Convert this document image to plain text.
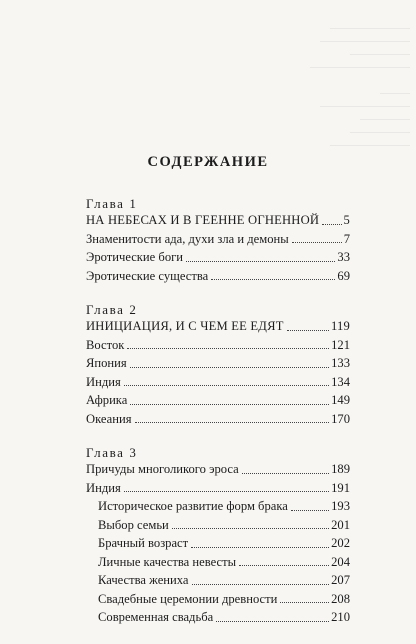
————————
—————————
——————
——————————

———
—————————
—————
——————
————————
СОДЕРЖАНИЕ
Глава 1
НА НЕБЕСАХ И В ГЕЕННЕ ОГНЕННОЙ 5
Знаменитости ада, духи зла и демоны	7
Эротические боги	33
Эротические существа	69
Глава 2
ИНИЦИАЦИЯ, И С ЧЕМ ЕЕ ЕДЯТ	119
Восток	121
Япония	133
Индия	134
Африка	149
Океания	170
Глава 3
Причуды многоликого эроса	189
Индия	191
Историческое развитие форм брака	193
Выбор семьи	201
Брачный возраст	202
Личные качества невесты	204
Качества жениха	207
Свадебные церемонии древности	208
Современная свадьба	210
